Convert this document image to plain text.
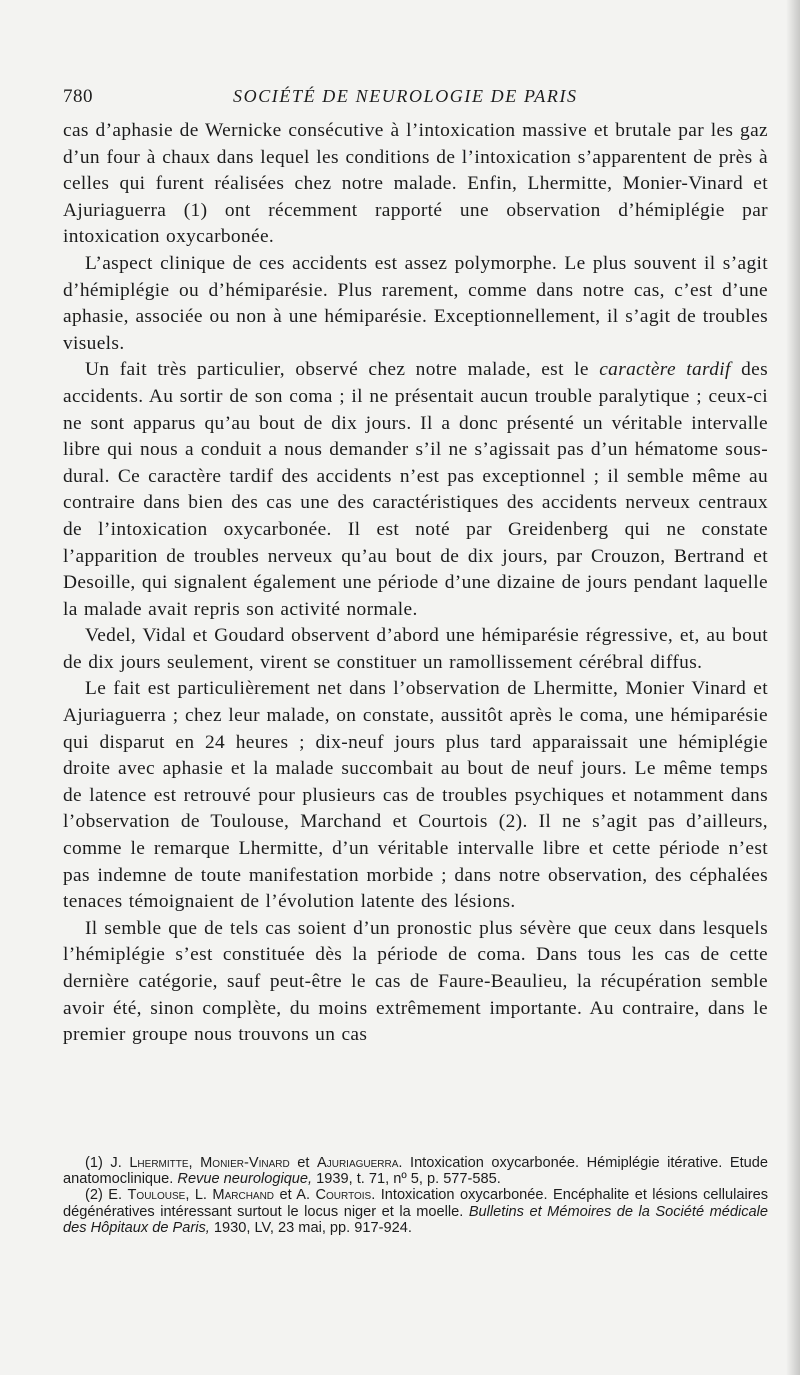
780	SOCIÉTÉ DE NEUROLOGIE DE PARIS

cas d’aphasie de Wernicke consécutive à l’intoxication massive et brutale par les gaz d’un four à chaux dans lequel les conditions de l’intoxication s’apparentent de près à celles qui furent réalisées chez notre malade. Enfin, Lhermitte, Monier-Vinard et Ajuriaguerra (1) ont récemment rapporté une observation d’hémiplégie par intoxication oxycarbonée.

L’aspect clinique de ces accidents est assez polymorphe. Le plus souvent il s’agit d’hémiplégie ou d’hémiparésie. Plus rarement, comme dans notre cas, c’est d’une aphasie, associée ou non à une hémiparésie. Exceptionnellement, il s’agit de troubles visuels.

Un fait très particulier, observé chez notre malade, est le caractère tardif des accidents. Au sortir de son coma ; il ne présentait aucun trouble paralytique ; ceux-ci ne sont apparus qu’au bout de dix jours. Il a donc présenté un véritable intervalle libre qui nous a conduit a nous demander s’il ne s’agissait pas d’un hématome sous-dural. Ce caractère tardif des accidents n’est pas exceptionnel ; il semble même au contraire dans bien des cas une des caractéristiques des accidents nerveux centraux de l’intoxication oxycarbonée. Il est noté par Greidenberg qui ne constate l’apparition de troubles nerveux qu’au bout de dix jours, par Crouzon, Bertrand et Desoille, qui signalent également une période d’une dizaine de jours pendant laquelle la malade avait repris son activité normale.

Vedel, Vidal et Goudard observent d’abord une hémiparésie régressive, et, au bout de dix jours seulement, virent se constituer un ramollissement cérébral diffus.

Le fait est particulièrement net dans l’observation de Lhermitte, Monier Vinard et Ajuriaguerra ; chez leur malade, on constate, aussitôt après le coma, une hémiparésie qui disparut en 24 heures ; dix-neuf jours plus tard apparaissait une hémiplégie droite avec aphasie et la malade succombait au bout de neuf jours. Le même temps de latence est retrouvé pour plusieurs cas de troubles psychiques et notamment dans l’observation de Toulouse, Marchand et Courtois (2). Il ne s’agit pas d’ailleurs, comme le remarque Lhermitte, d’un véritable intervalle libre et cette période n’est pas indemne de toute manifestation morbide ; dans notre observation, des céphalées tenaces témoignaient de l’évolution latente des lésions.

Il semble que de tels cas soient d’un pronostic plus sévère que ceux dans lesquels l’hémiplégie s’est constituée dès la période de coma. Dans tous les cas de cette dernière catégorie, sauf peut-être le cas de Faure-Beaulieu, la récupération semble avoir été, sinon complète, du moins extrêmement importante. Au contraire, dans le premier groupe nous trouvons un cas

(1) J. Lhermitte, Monier-Vinard et Ajuriaguerra. Intoxication oxycarbonée. Hémiplégie itérative. Etude anatomoclinique. Revue neurologique, 1939, t. 71, nº 5, p. 577-585.

(2) E. Toulouse, L. Marchand et A. Courtois. Intoxication oxycarbonée. Encéphalite et lésions cellulaires dégénératives intéressant surtout le locus niger et la moelle. Bulletins et Mémoires de la Société médicale des Hôpitaux de Paris, 1930, LV, 23 mai, pp. 917-924.
